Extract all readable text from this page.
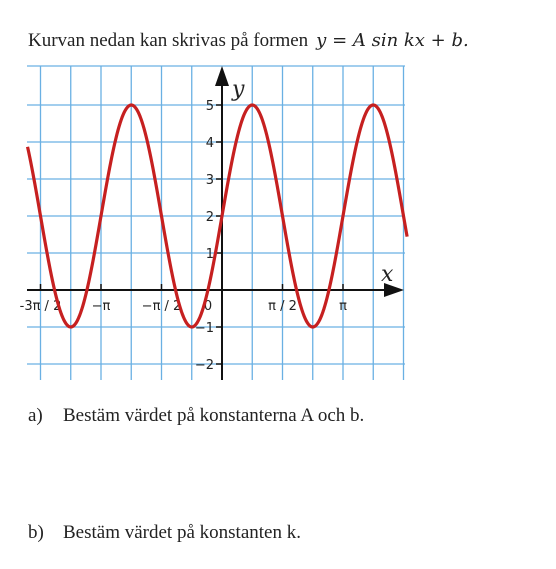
Kurvan nedan kan skrivas på formen y = A sin kx + b.
x
y
5
4
3
2
1
−1
−2
-3π / 2 −π −π / 2 0	π / 2	π
a) Bestäm värdet på konstanterna A och b.
b) Bestäm värdet på konstanten k.
